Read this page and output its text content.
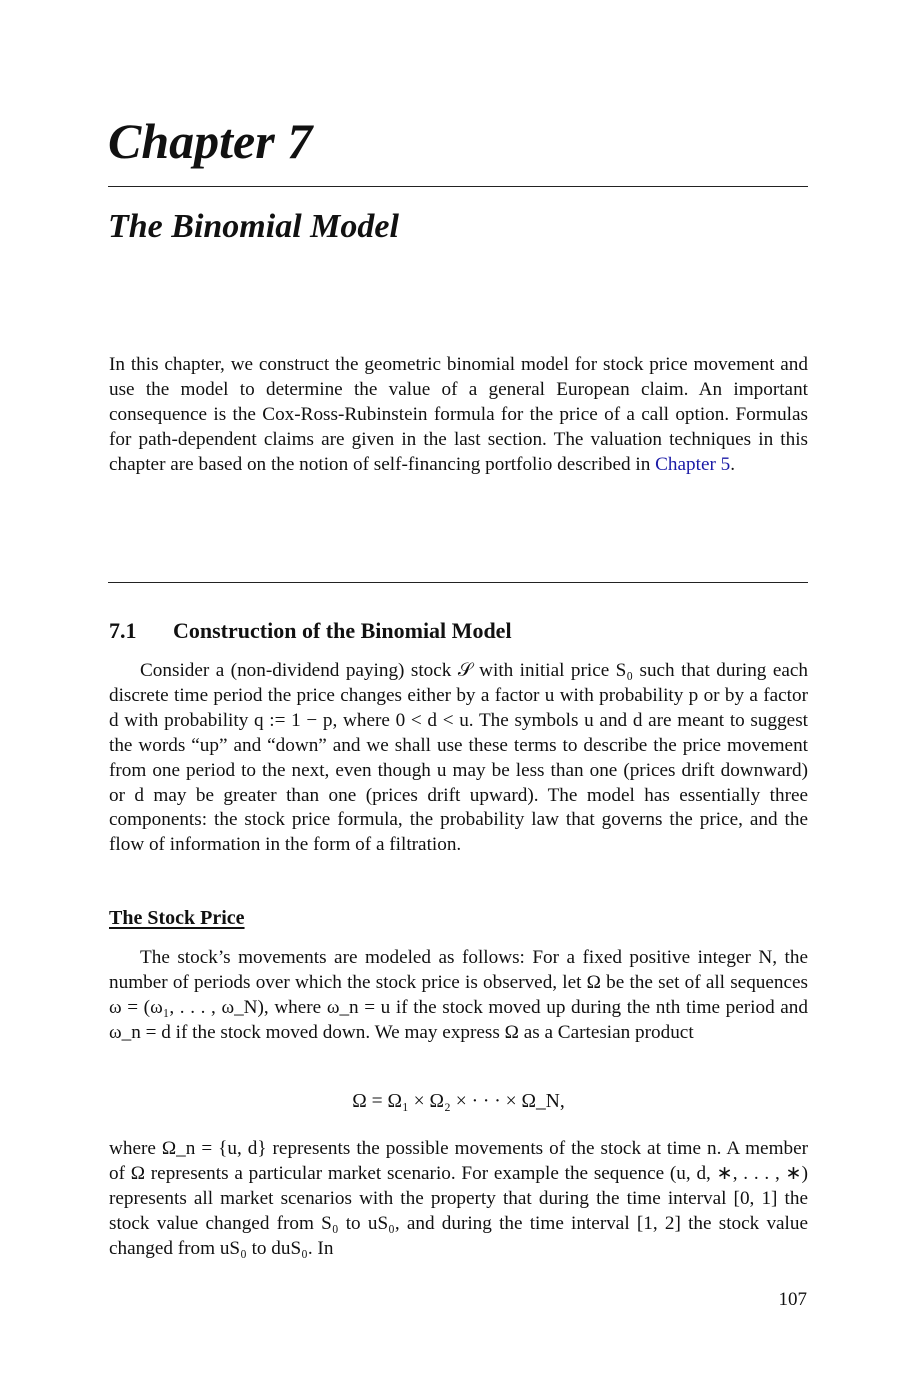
Chapter 7
The Binomial Model

In this chapter, we construct the geometric binomial model for stock price movement and use the model to determine the value of a general European claim. An important consequence is the Cox-Ross-Rubinstein formula for the price of a call option. Formulas for path-dependent claims are given in the last section. The valuation techniques in this chapter are based on the notion of self-financing portfolio described in Chapter 5.

7.1 Construction of the Binomial Model

Consider a (non-dividend paying) stock 𝒮 with initial price S₀ such that during each discrete time period the price changes either by a factor u with probability p or by a factor d with probability q := 1 − p, where 0 < d < u. The symbols u and d are meant to suggest the words “up” and “down” and we shall use these terms to describe the price movement from one period to the next, even though u may be less than one (prices drift downward) or d may be greater than one (prices drift upward). The model has essentially three components: the stock price formula, the probability law that governs the price, and the flow of information in the form of a filtration.

The Stock Price

The stock’s movements are modeled as follows: For a fixed positive integer N, the number of periods over which the stock price is observed, let Ω be the set of all sequences ω = (ω₁, . . . , ω_N), where ω_n = u if the stock moved up during the nth time period and ω_n = d if the stock moved down. We may express Ω as a Cartesian product

Ω = Ω₁ × Ω₂ × · · · × Ω_N,

where Ω_n = {u, d} represents the possible movements of the stock at time n. A member of Ω represents a particular market scenario. For example the sequence (u, d, ∗, . . . , ∗) represents all market scenarios with the property that during the time interval [0, 1] the stock value changed from S₀ to uS₀, and during the time interval [1, 2] the stock value changed from uS₀ to duS₀. In

107
